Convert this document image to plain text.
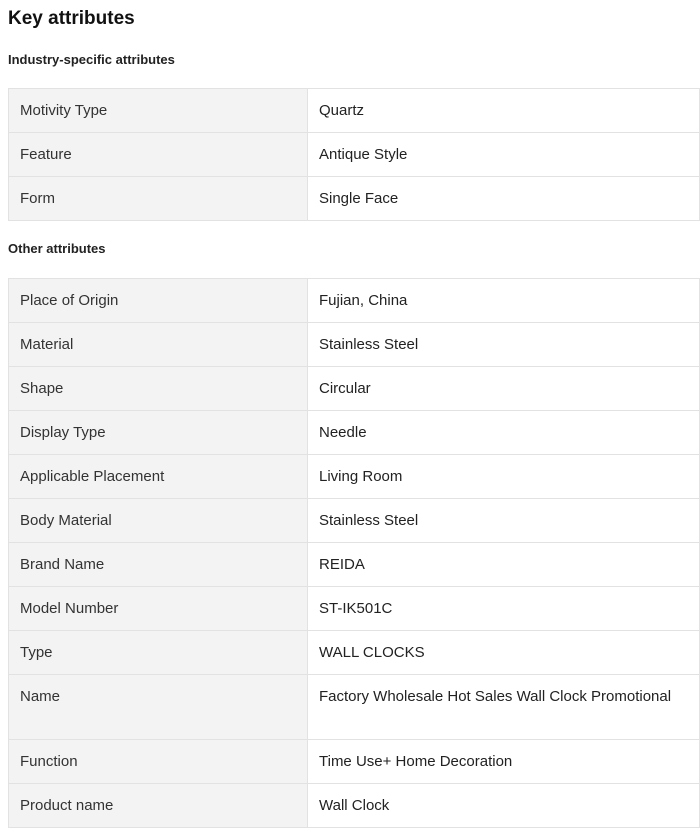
Key attributes
Industry-specific attributes
Motivity Type	Quartz
Feature	Antique Style
Form	Single Face
Other attributes
Place of Origin	Fujian, China
Material	Stainless Steel
Shape	Circular
Display Type	Needle
Applicable Placement	Living Room
Body Material	Stainless Steel
Brand Name	REIDA
Model Number	ST-IK501C
Type	WALL CLOCKS
Name	Factory Wholesale Hot Sales Wall Clock Promotional
Function	Time Use+ Home Decoration
Product name	Wall Clock
